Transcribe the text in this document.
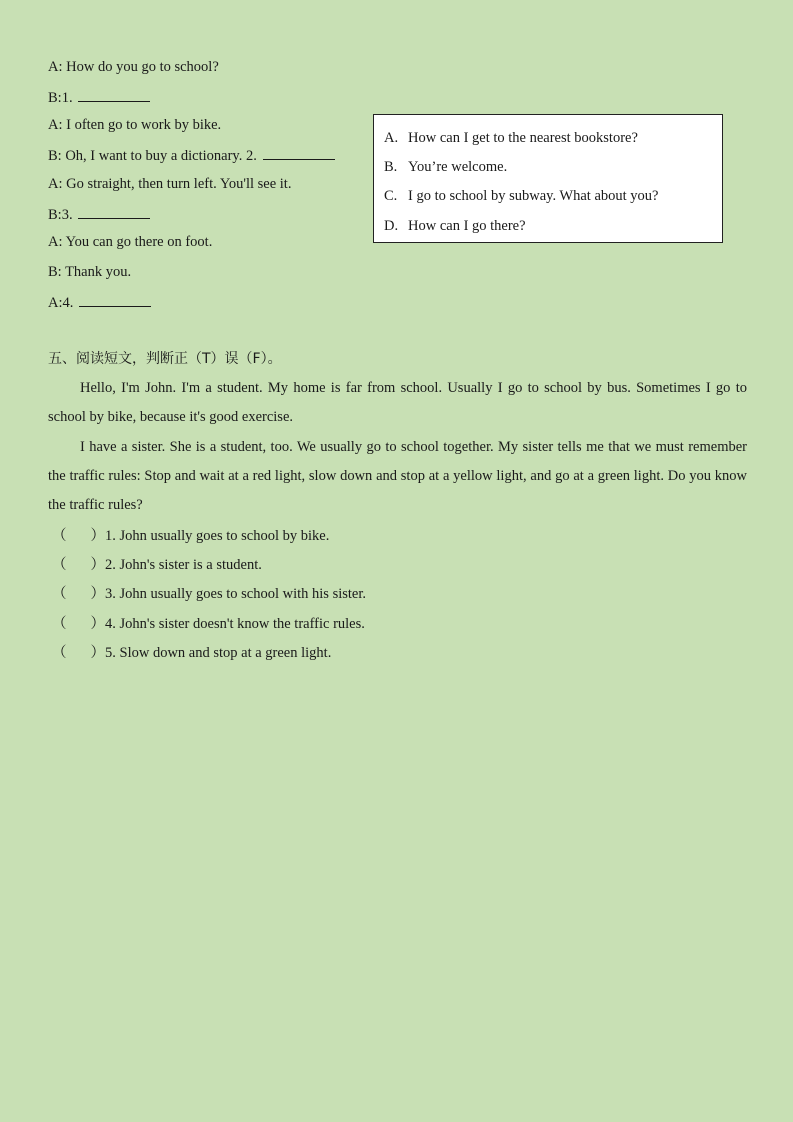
A: How do you go to school?
B:1.
A: I often go to work by bike.
B: Oh, I want to buy a dictionary. 2.
A: Go straight, then turn left. You'll see it.
B:3.
A: You can go there on foot.
B: Thank you.
A:4.
A. How can I get to the nearest bookstore?
B. You’re welcome.
C. I go to school by subway. What about you?
D. How can I go there?
五、阅读短文，判断正（T）误（F）。
Hello, I'm John. I'm a student. My home is far from school. Usually I go to school by bus. Sometimes I go to school by bike, because it's good exercise.
I have a sister. She is a student, too. We usually go to school together. My sister tells me that we must remember the traffic rules: Stop and wait at a red light, slow down and stop at a yellow light, and go at a green light. Do you know the traffic rules?
（ ）1. John usually goes to school by bike.
（ ）2. John's sister is a student.
（ ）3. John usually goes to school with his sister.
（ ）4. John's sister doesn't know the traffic rules.
（ ）5. Slow down and stop at a green light.
